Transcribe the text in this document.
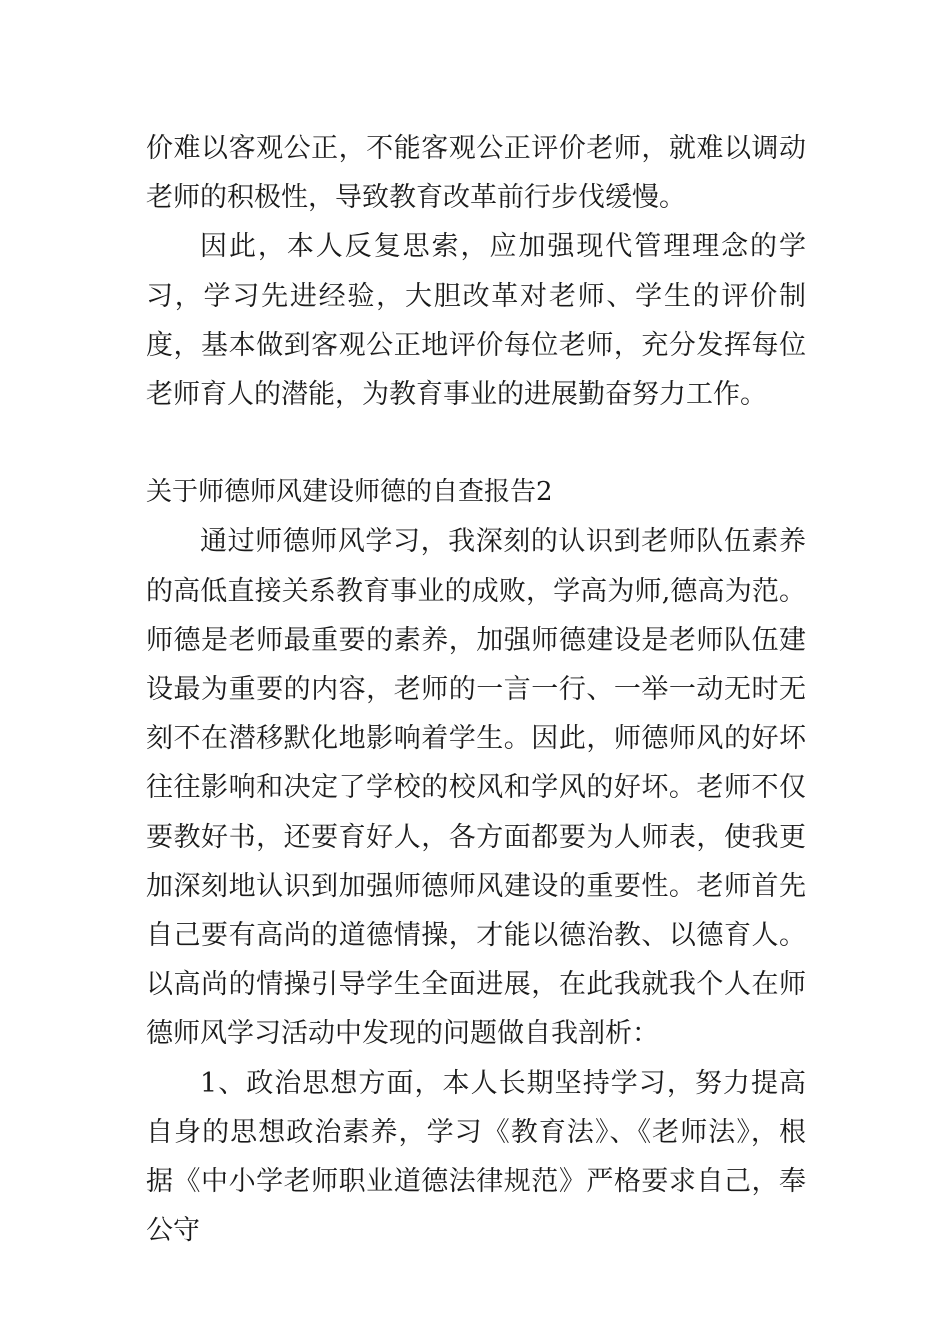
价难以客观公正，不能客观公正评价老师，就难以调动老师的积极性，导致教育改革前行步伐缓慢。

因此，本人反复思索，应加强现代管理理念的学习，学习先进经验，大胆改革对老师、学生的评价制度，基本做到客观公正地评价每位老师，充分发挥每位老师育人的潜能，为教育事业的进展勤奋努力工作。

关于师德师风建设师德的自查报告2

通过师德师风学习，我深刻的认识到老师队伍素养的高低直接关系教育事业的成败，学高为师,德高为范。师德是老师最重要的素养，加强师德建设是老师队伍建设最为重要的内容，老师的一言一行、一举一动无时无刻不在潜移默化地影响着学生。因此，师德师风的好坏往往影响和决定了学校的校风和学风的好坏。老师不仅要教好书，还要育好人，各方面都要为人师表，使我更加深刻地认识到加强师德师风建设的重要性。老师首先自己要有高尚的道德情操，才能以德治教、以德育人。以高尚的情操引导学生全面进展，在此我就我个人在师德师风学习活动中发现的问题做自我剖析：

1、政治思想方面，本人长期坚持学习，努力提高自身的思想政治素养，学习《教育法》、《老师法》，根据《中小学老师职业道德法律规范》严格要求自己，奉公守
